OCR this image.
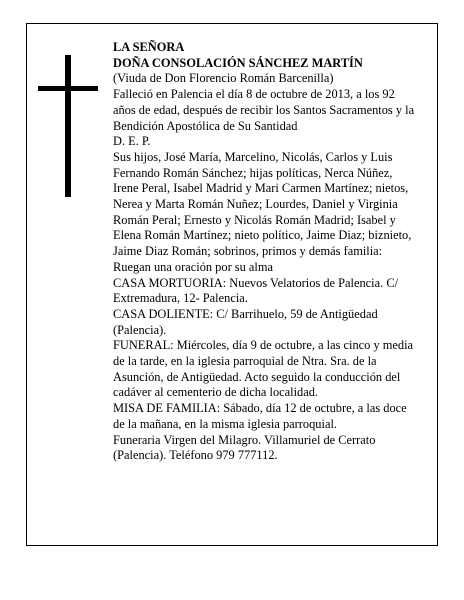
LA SEÑORA

DOÑA CONSOLACIÓN SÁNCHEZ MARTÍN

(Viuda de Don Florencio Román Barcenilla)

Falleció en Palencia el día 8 de octubre de 2013, a los 92 años de edad, después de recibir los Santos Sacramentos y la Bendición Apostólica de Su Santidad

D. E. P.

Sus hijos, José María, Marcelino, Nicolás, Carlos y Luis Fernando Román Sánchez; hijas políticas, Nerca Núñez, Irene Peral, Isabel Madrid y Mari Carmen Martínez; nietos, Nerea y Marta Román Nuñez; Lourdes, Daniel y Virginia Román Peral; Ernesto y Nicolás Román Madrid; Isabel y Elena Román Martínez; nieto político, Jaime Diaz; biznieto, Jaime Diaz Román; sobrinos, primos y demás familia:

Ruegan una oración por su alma

CASA MORTUORIA: Nuevos Velatorios de Palencia. C/ Extremadura, 12- Palencia.

CASA DOLIENTE: C/ Barrihuelo, 59 de Antigüedad (Palencia).

FUNERAL: Miércoles, día 9 de octubre, a las cinco y media de la tarde, en la iglesia parroquial de Ntra. Sra. de la Asunción, de Antigüedad. Acto seguido la conducción del cadáver al cementerio de dicha localidad.

MISA DE FAMILIA: Sábado, día 12 de octubre, a las doce de la mañana, en la misma iglesia parroquial.

Funeraria Virgen del Milagro. Villamuriel de Cerrato (Palencia). Teléfono 979 777112.
